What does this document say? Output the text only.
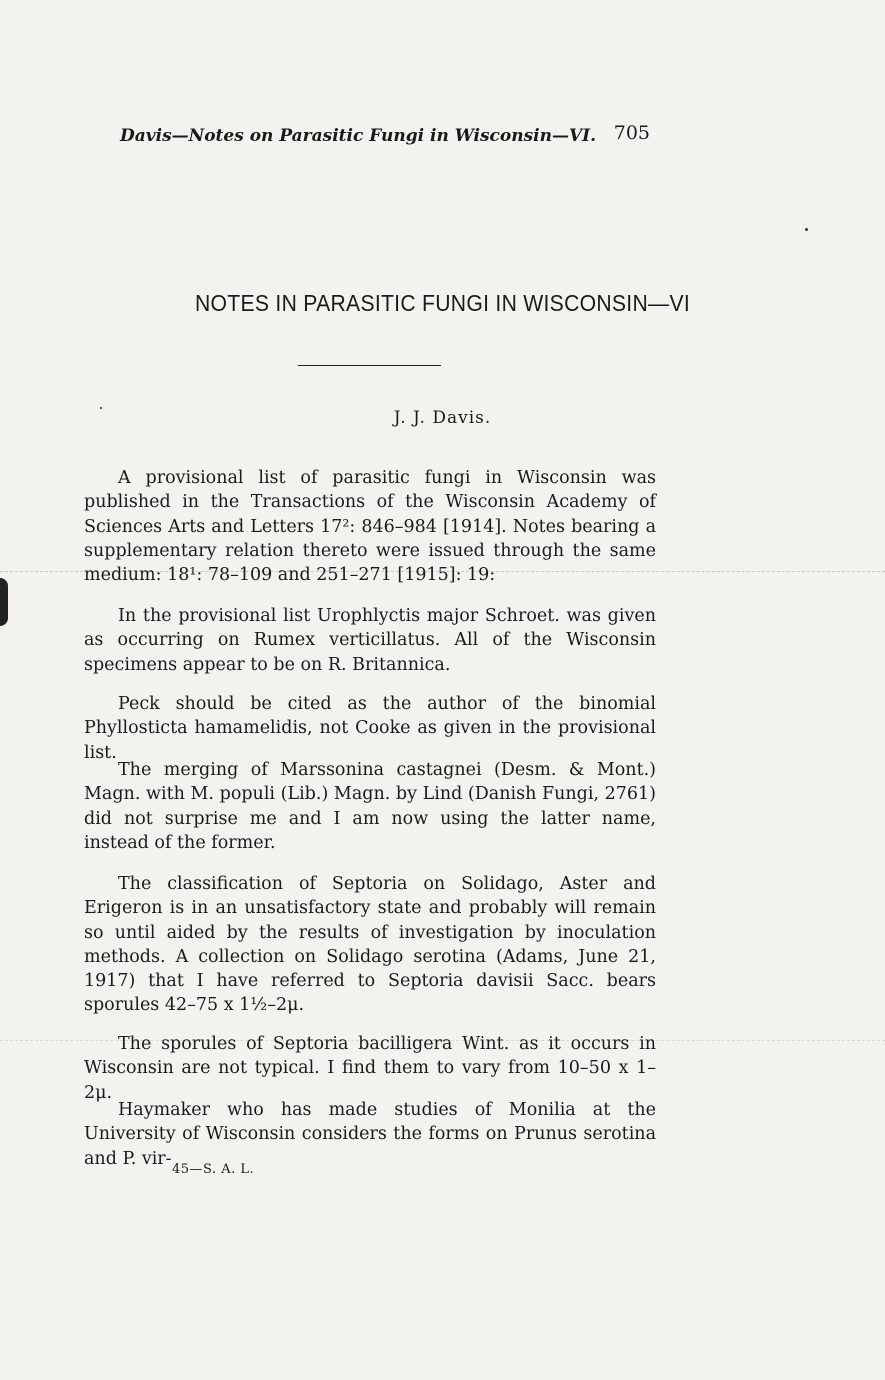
Davis—Notes on Parasitic Fungi in Wisconsin—VI. 705
NOTES IN PARASITIC FUNGI IN WISCONSIN—VI
J. J. Davis.

A provisional list of parasitic fungi in Wisconsin was published in the Transactions of the Wisconsin Academy of Sciences Arts and Letters 17²: 846–984 [1914]. Notes bearing a supplementary relation thereto were issued through the same medium: 18¹: 78–109 and 251–271 [1915]: 19:

In the provisional list Urophlyctis major Schroet. was given as occurring on Rumex verticillatus. All of the Wisconsin specimens appear to be on R. Britannica.

Peck should be cited as the author of the binomial Phyllosticta hamamelidis, not Cooke as given in the provisional list.

The merging of Marssonina castagnei (Desm. & Mont.) Magn. with M. populi (Lib.) Magn. by Lind (Danish Fungi, 2761) did not surprise me and I am now using the latter name, instead of the former.

The classification of Septoria on Solidago, Aster and Erigeron is in an unsatisfactory state and probably will remain so until aided by the results of investigation by inoculation methods. A collection on Solidago serotina (Adams, June 21, 1917) that I have referred to Septoria davisii Sacc. bears sporules 42–75 x 1½–2μ.

The sporules of Septoria bacilligera Wint. as it occurs in Wisconsin are not typical. I find them to vary from 10–50 x 1–2μ.

Haymaker who has made studies of Monilia at the University of Wisconsin considers the forms on Prunus serotina and P. vir-

45—S. A. L.
